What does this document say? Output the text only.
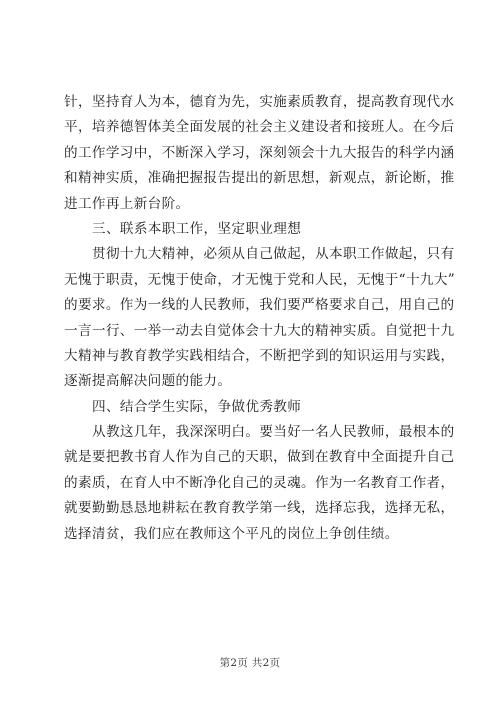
针，坚持育人为本，德育为先，实施素质教育，提高教育现代水
平，培养德智体美全面发展的社会主义建设者和接班人。在今后
的工作学习中，不断深入学习，深刻领会十九大报告的科学内涵
和精神实质，准确把握报告提出的新思想，新观点，新论断，推
进工作再上新台阶。
三、联系本职工作，坚定职业理想
贯彻十九大精神，必须从自己做起，从本职工作做起，只有
无愧于职责，无愧于使命，才无愧于党和人民，无愧于“十九大”
的要求。作为一线的人民教师，我们要严格要求自己，用自己的
一言一行、一举一动去自觉体会十九大的精神实质。自觉把十九
大精神与教育教学实践相结合，不断把学到的知识运用与实践，
逐渐提高解决问题的能力。
四、结合学生实际，争做优秀教师
从教这几年，我深深明白。要当好一名人民教师，最根本的
就是要把教书育人作为自己的天职，做到在教育中全面提升自己
的素质，在育人中不断净化自己的灵魂。作为一名教育工作者，
就要勤勤恳恳地耕耘在教育教学第一线，选择忘我，选择无私，
选择清贫，我们应在教师这个平凡的岗位上争创佳绩。
第2页 共2页
